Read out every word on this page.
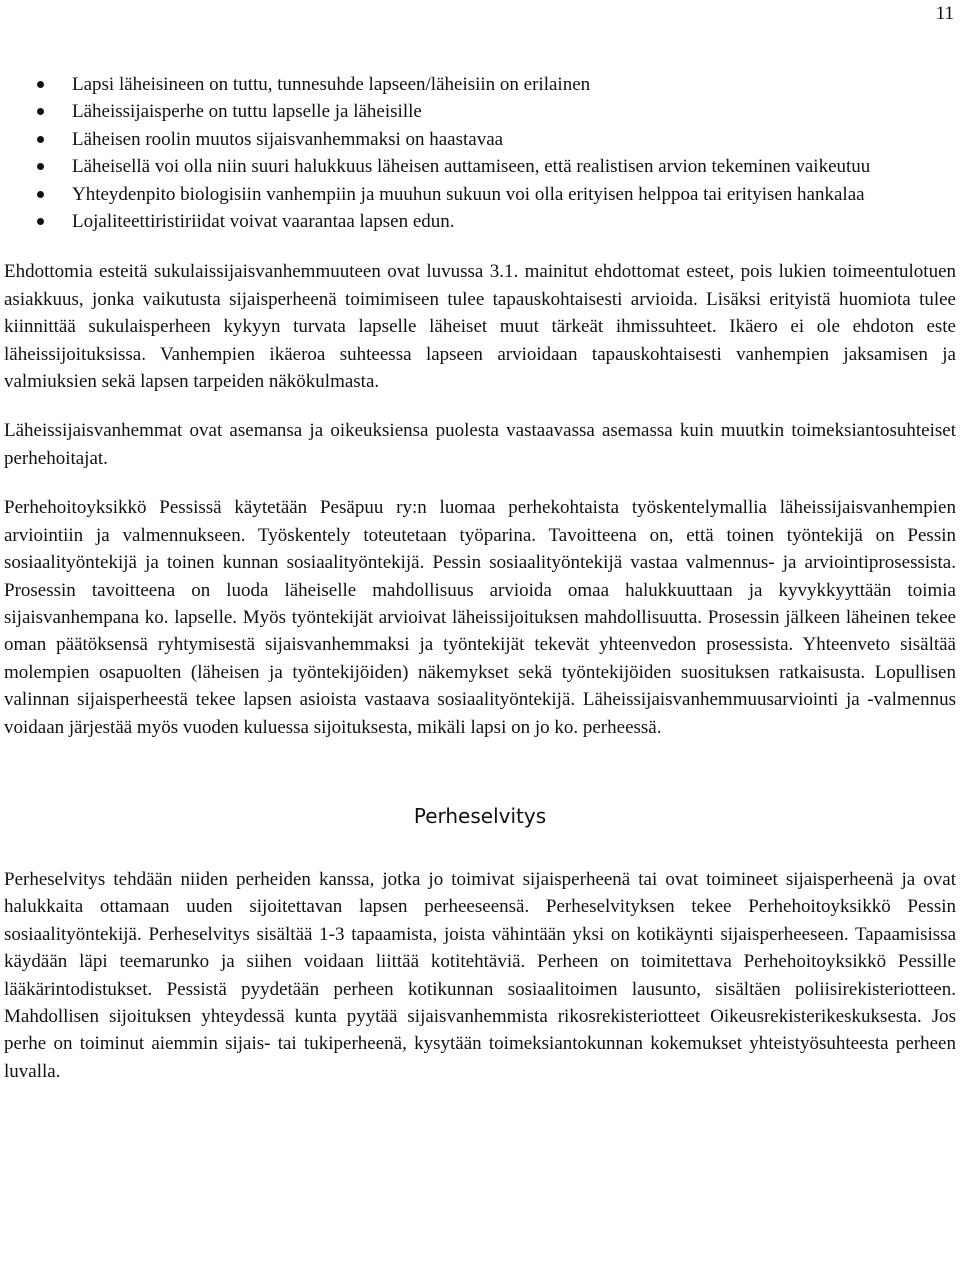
11
Lapsi läheisineen on tuttu, tunnesuhde lapseen/läheisiin on erilainen
Läheissijaisperhe on tuttu lapselle ja läheisille
Läheisen roolin muutos sijaisvanhemmaksi on haastavaa
Läheisellä voi olla niin suuri halukkuus läheisen auttamiseen, että realistisen arvion tekeminen vaikeutuu
Yhteydenpito biologisiin vanhempiin ja muuhun sukuun voi olla erityisen helppoa tai erityisen hankalaa
Lojaliteettiristiriidat voivat vaarantaa lapsen edun.

Ehdottomia esteitä sukulaissijaisvanhemmuuteen ovat luvussa 3.1. mainitut ehdottomat esteet, pois lukien toimeentulotuen asiakkuus, jonka vaikutusta sijaisperheenä toimimiseen tulee tapauskohtaisesti arvioida. Lisäksi erityistä huomiota tulee kiinnittää sukulaisperheen kykyyn turvata lapselle läheiset muut tärkeät ihmissuhteet. Ikäero ei ole ehdoton este läheissijoituksissa. Vanhempien ikäeroa suhteessa lapseen arvioidaan tapauskohtaisesti vanhempien jaksamisen ja valmiuksien sekä lapsen tarpeiden näkökulmasta.

Läheissijaisvanhemmat ovat asemansa ja oikeuksiensa puolesta vastaavassa asemassa kuin muutkin toimeksiantosuhteiset perhehoitajat.

Perhehoitoyksikkö Pessissä käytetään Pesäpuu ry:n luomaa perhekohtaista työskentelymallia läheissijaisvanhempien arviointiin ja valmennukseen. Työskentely toteutetaan työparina. Tavoitteena on, että toinen työntekijä on Pessin sosiaalityöntekijä ja toinen kunnan sosiaalityöntekijä. Pessin sosiaalityöntekijä vastaa valmennus- ja arviointiprosessista. Prosessin tavoitteena on luoda läheiselle mahdollisuus arvioida omaa halukkuuttaan ja kyvykkyyttään toimia sijaisvanhempana ko. lapselle. Myös työntekijät arvioivat läheissijoituksen mahdollisuutta. Prosessin jälkeen läheinen tekee oman päätöksensä ryhtymisestä sijaisvanhemmaksi ja työntekijät tekevät yhteenvedon prosessista. Yhteenveto sisältää molempien osapuolten (läheisen ja työntekijöiden) näkemykset sekä työntekijöiden suosituksen ratkaisusta. Lopullisen valinnan sijaisperheestä tekee lapsen asioista vastaava sosiaalityöntekijä. Läheissijaisvanhemmuusarviointi ja -valmennus voidaan järjestää myös vuoden kuluessa sijoituksesta, mikäli lapsi on jo ko. perheessä.

Perheselvitys

Perheselvitys tehdään niiden perheiden kanssa, jotka jo toimivat sijaisperheenä tai ovat toimineet sijaisperheenä ja ovat halukkaita ottamaan uuden sijoitettavan lapsen perheeseensä. Perheselvityksen tekee Perhehoitoyksikkö Pessin sosiaalityöntekijä. Perheselvitys sisältää 1-3 tapaamista, joista vähintään yksi on kotikäynti sijaisperheeseen. Tapaamisissa käydään läpi teemarunko ja siihen voidaan liittää kotitehtäviä. Perheen on toimitettava Perhehoitoyksikkö Pessille lääkärintodistukset. Pessistä pyydetään perheen kotikunnan sosiaalitoimen lausunto, sisältäen poliisirekisteriotteen. Mahdollisen sijoituksen yhteydessä kunta pyytää sijaisvanhemmista rikosrekisteriotteet Oikeusrekisterikeskuksesta. Jos perhe on toiminut aiemmin sijais- tai tukiperheenä, kysytään toimeksiantokunnan kokemukset yhteistyösuhteesta perheen luvalla.
